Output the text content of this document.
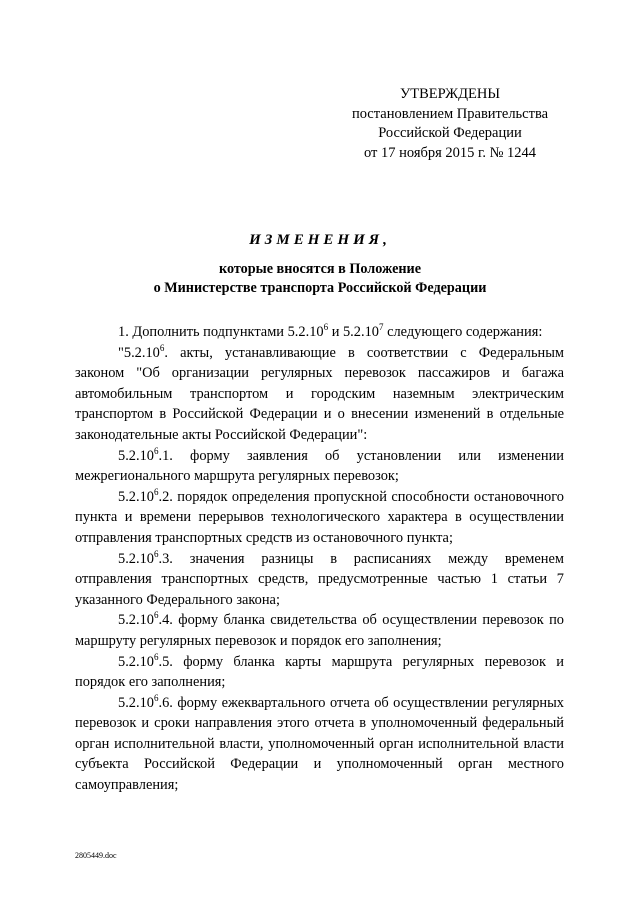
УТВЕРЖДЕНЫ
постановлением Правительства
Российской Федерации
от 17 ноября 2015 г. № 1244
ИЗМЕНЕНИЯ,
которые вносятся в Положение
о Министерстве транспорта Российской Федерации

1. Дополнить подпунктами 5.2.10$^6$ и 5.2.10$^7$ следующего содержания:

"5.2.10$^6$. акты, устанавливающие в соответствии с Федеральным законом "Об организации регулярных перевозок пассажиров и багажа автомобильным транспортом и городским наземным электрическим транспортом в Российской Федерации и о внесении изменений в отдельные законодательные акты Российской Федерации":

5.2.10$^6$.1. форму заявления об установлении или изменении межрегионального маршрута регулярных перевозок;

5.2.10$^6$.2. порядок определения пропускной способности остановочного пункта и времени перерывов технологического характера в осуществлении отправления транспортных средств из остановочного пункта;

5.2.10$^6$.3. значения разницы в расписаниях между временем отправления транспортных средств, предусмотренные частью 1 статьи 7 указанного Федерального закона;

5.2.10$^6$.4. форму бланка свидетельства об осуществлении перевозок по маршруту регулярных перевозок и порядок его заполнения;

5.2.10$^6$.5. форму бланка карты маршрута регулярных перевозок и порядок его заполнения;

5.2.10$^6$.6. форму ежеквартального отчета об осуществлении регулярных перевозок и сроки направления этого отчета в уполномоченный федеральный орган исполнительной власти, уполномоченный орган исполнительной власти субъекта Российской Федерации и уполномоченный орган местного самоуправления;

2805449.doc
